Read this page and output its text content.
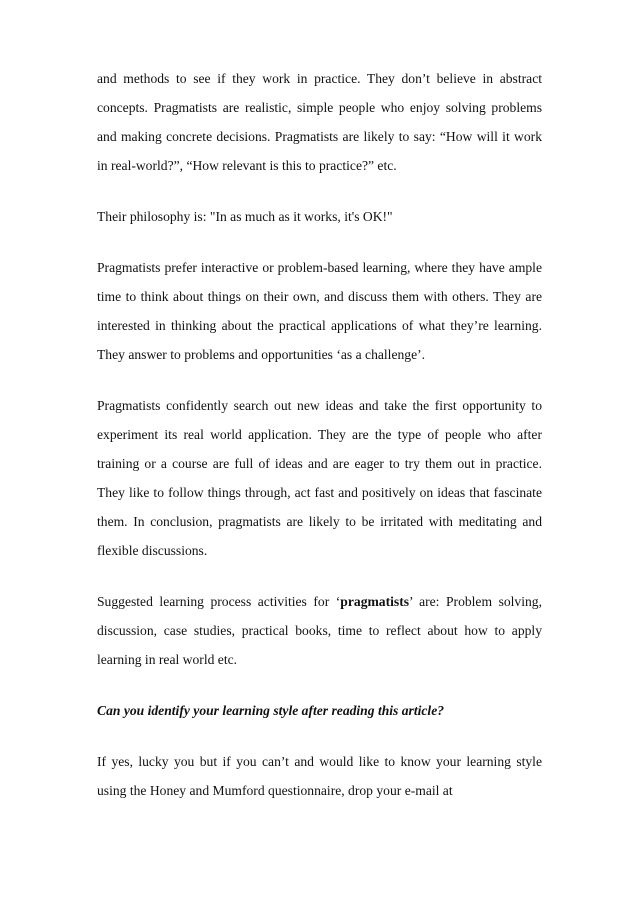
and methods to see if they work in practice. They don’t believe in abstract concepts. Pragmatists are realistic, simple people who enjoy solving problems and making concrete decisions. Pragmatists are likely to say: “How will it work in real-world?”, “How relevant is this to practice?” etc.

Their philosophy is: "In as much as it works, it's OK!"

Pragmatists prefer interactive or problem-based learning, where they have ample time to think about things on their own, and discuss them with others. They are interested in thinking about the practical applications of what they’re learning. They answer to problems and opportunities ‘as a challenge’.

Pragmatists confidently search out new ideas and take the first opportunity to experiment its real world application. They are the type of people who after training or a course are full of ideas and are eager to try them out in practice. They like to follow things through, act fast and positively on ideas that fascinate them. In conclusion, pragmatists are likely to be irritated with meditating and flexible discussions.

Suggested learning process activities for ‘pragmatists’ are: Problem solving, discussion, case studies, practical books, time to reflect about how to apply learning in real world etc.

Can you identify your learning style after reading this article?

If yes, lucky you but if you can’t and would like to know your learning style using the Honey and Mumford questionnaire, drop your e-mail at
